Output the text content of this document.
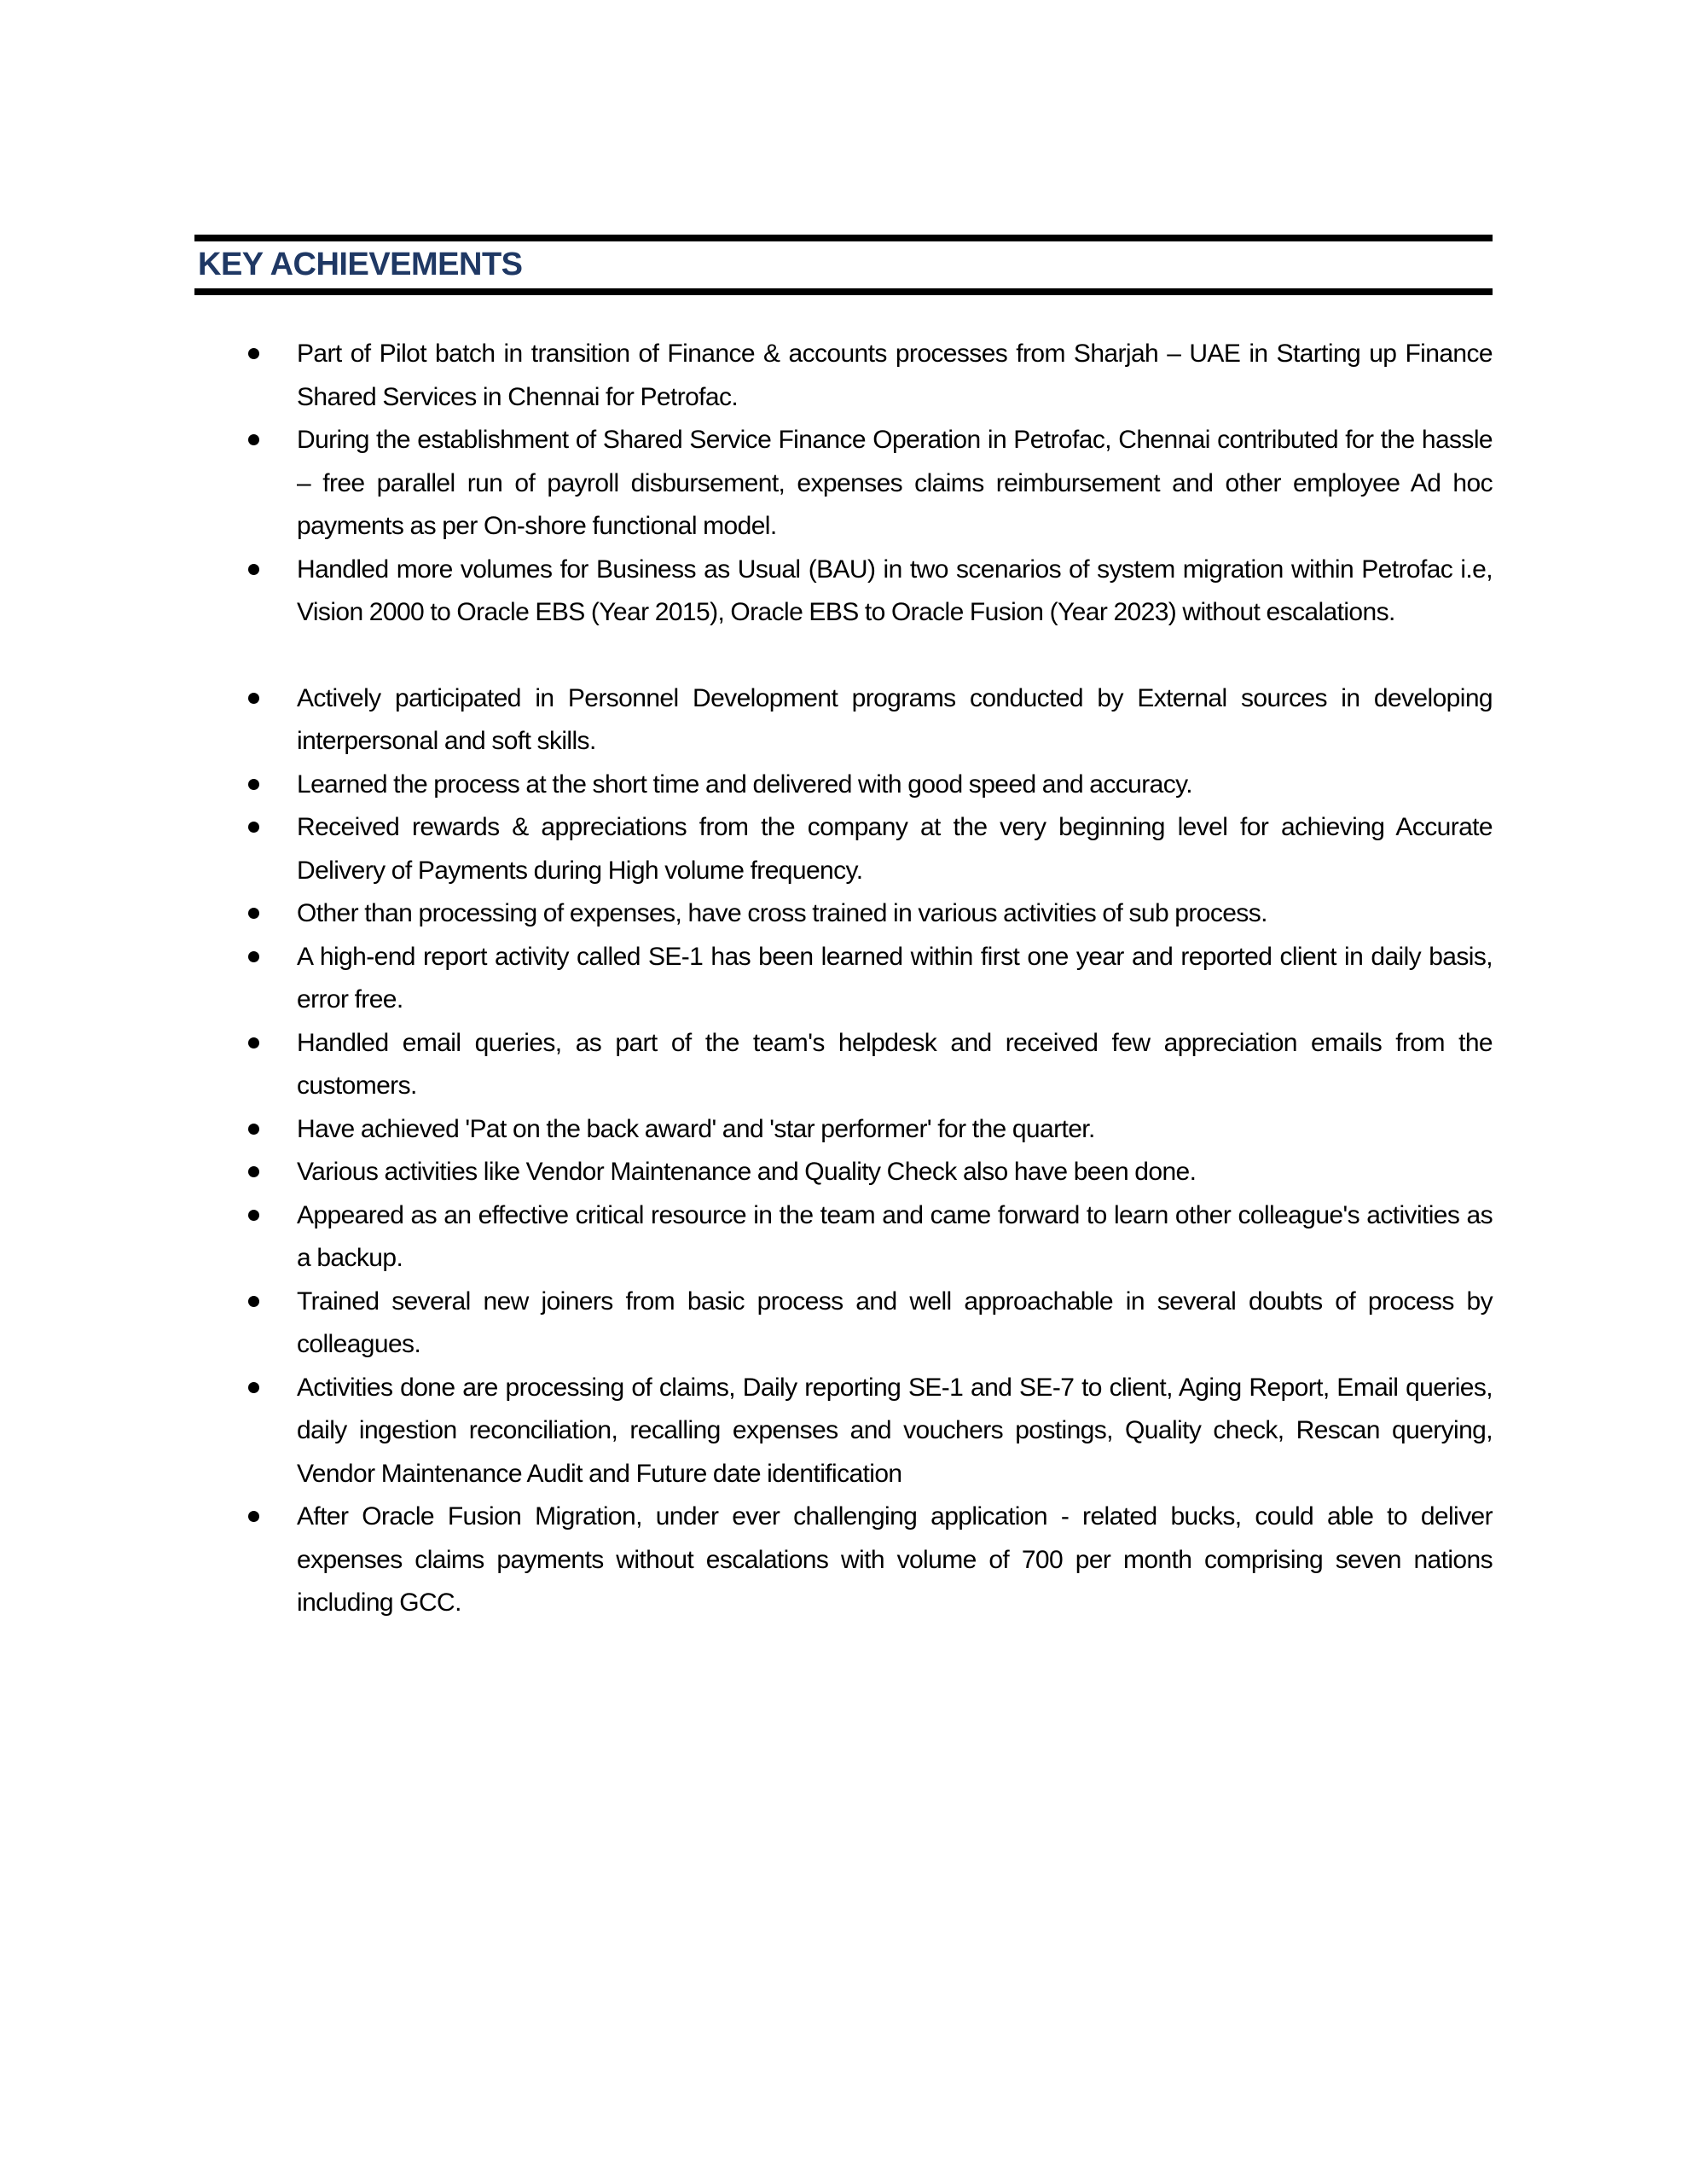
KEY ACHIEVEMENTS
Part of Pilot batch in transition of Finance & accounts processes from Sharjah – UAE in Starting up Finance Shared Services in Chennai for Petrofac.
During the establishment of Shared Service Finance Operation in Petrofac, Chennai contributed for the hassle – free parallel run of payroll disbursement, expenses claims reimbursement and other employee Ad hoc payments as per On-shore functional model.
Handled more volumes for Business as Usual (BAU) in two scenarios of system migration within Petrofac i.e, Vision 2000 to Oracle EBS (Year 2015), Oracle EBS to Oracle Fusion (Year 2023) without escalations.
Actively participated in Personnel Development programs conducted by External sources in developing interpersonal and soft skills.
Learned the process at the short time and delivered with good speed and accuracy.
Received rewards & appreciations from the company at the very beginning level for achieving Accurate Delivery of Payments during High volume frequency.
Other than processing of expenses, have cross trained in various activities of sub process.
A high-end report activity called SE-1 has been learned within first one year and reported client in daily basis, error free.
Handled email queries, as part of the team's helpdesk and received few appreciation emails from the customers.
Have achieved 'Pat on the back award' and 'star performer' for the quarter.
Various activities like Vendor Maintenance and Quality Check also have been done.
Appeared as an effective critical resource in the team and came forward to learn other colleague's activities as a backup.
Trained several new joiners from basic process and well approachable in several doubts of process by colleagues.
Activities done are processing of claims, Daily reporting SE-1 and SE-7 to client, Aging Report, Email queries, daily ingestion reconciliation, recalling expenses and vouchers postings, Quality check, Rescan querying, Vendor Maintenance Audit and Future date identification
After Oracle Fusion Migration, under ever challenging application - related bucks, could able to deliver expenses claims payments without escalations with volume of 700 per month comprising seven nations including GCC.
